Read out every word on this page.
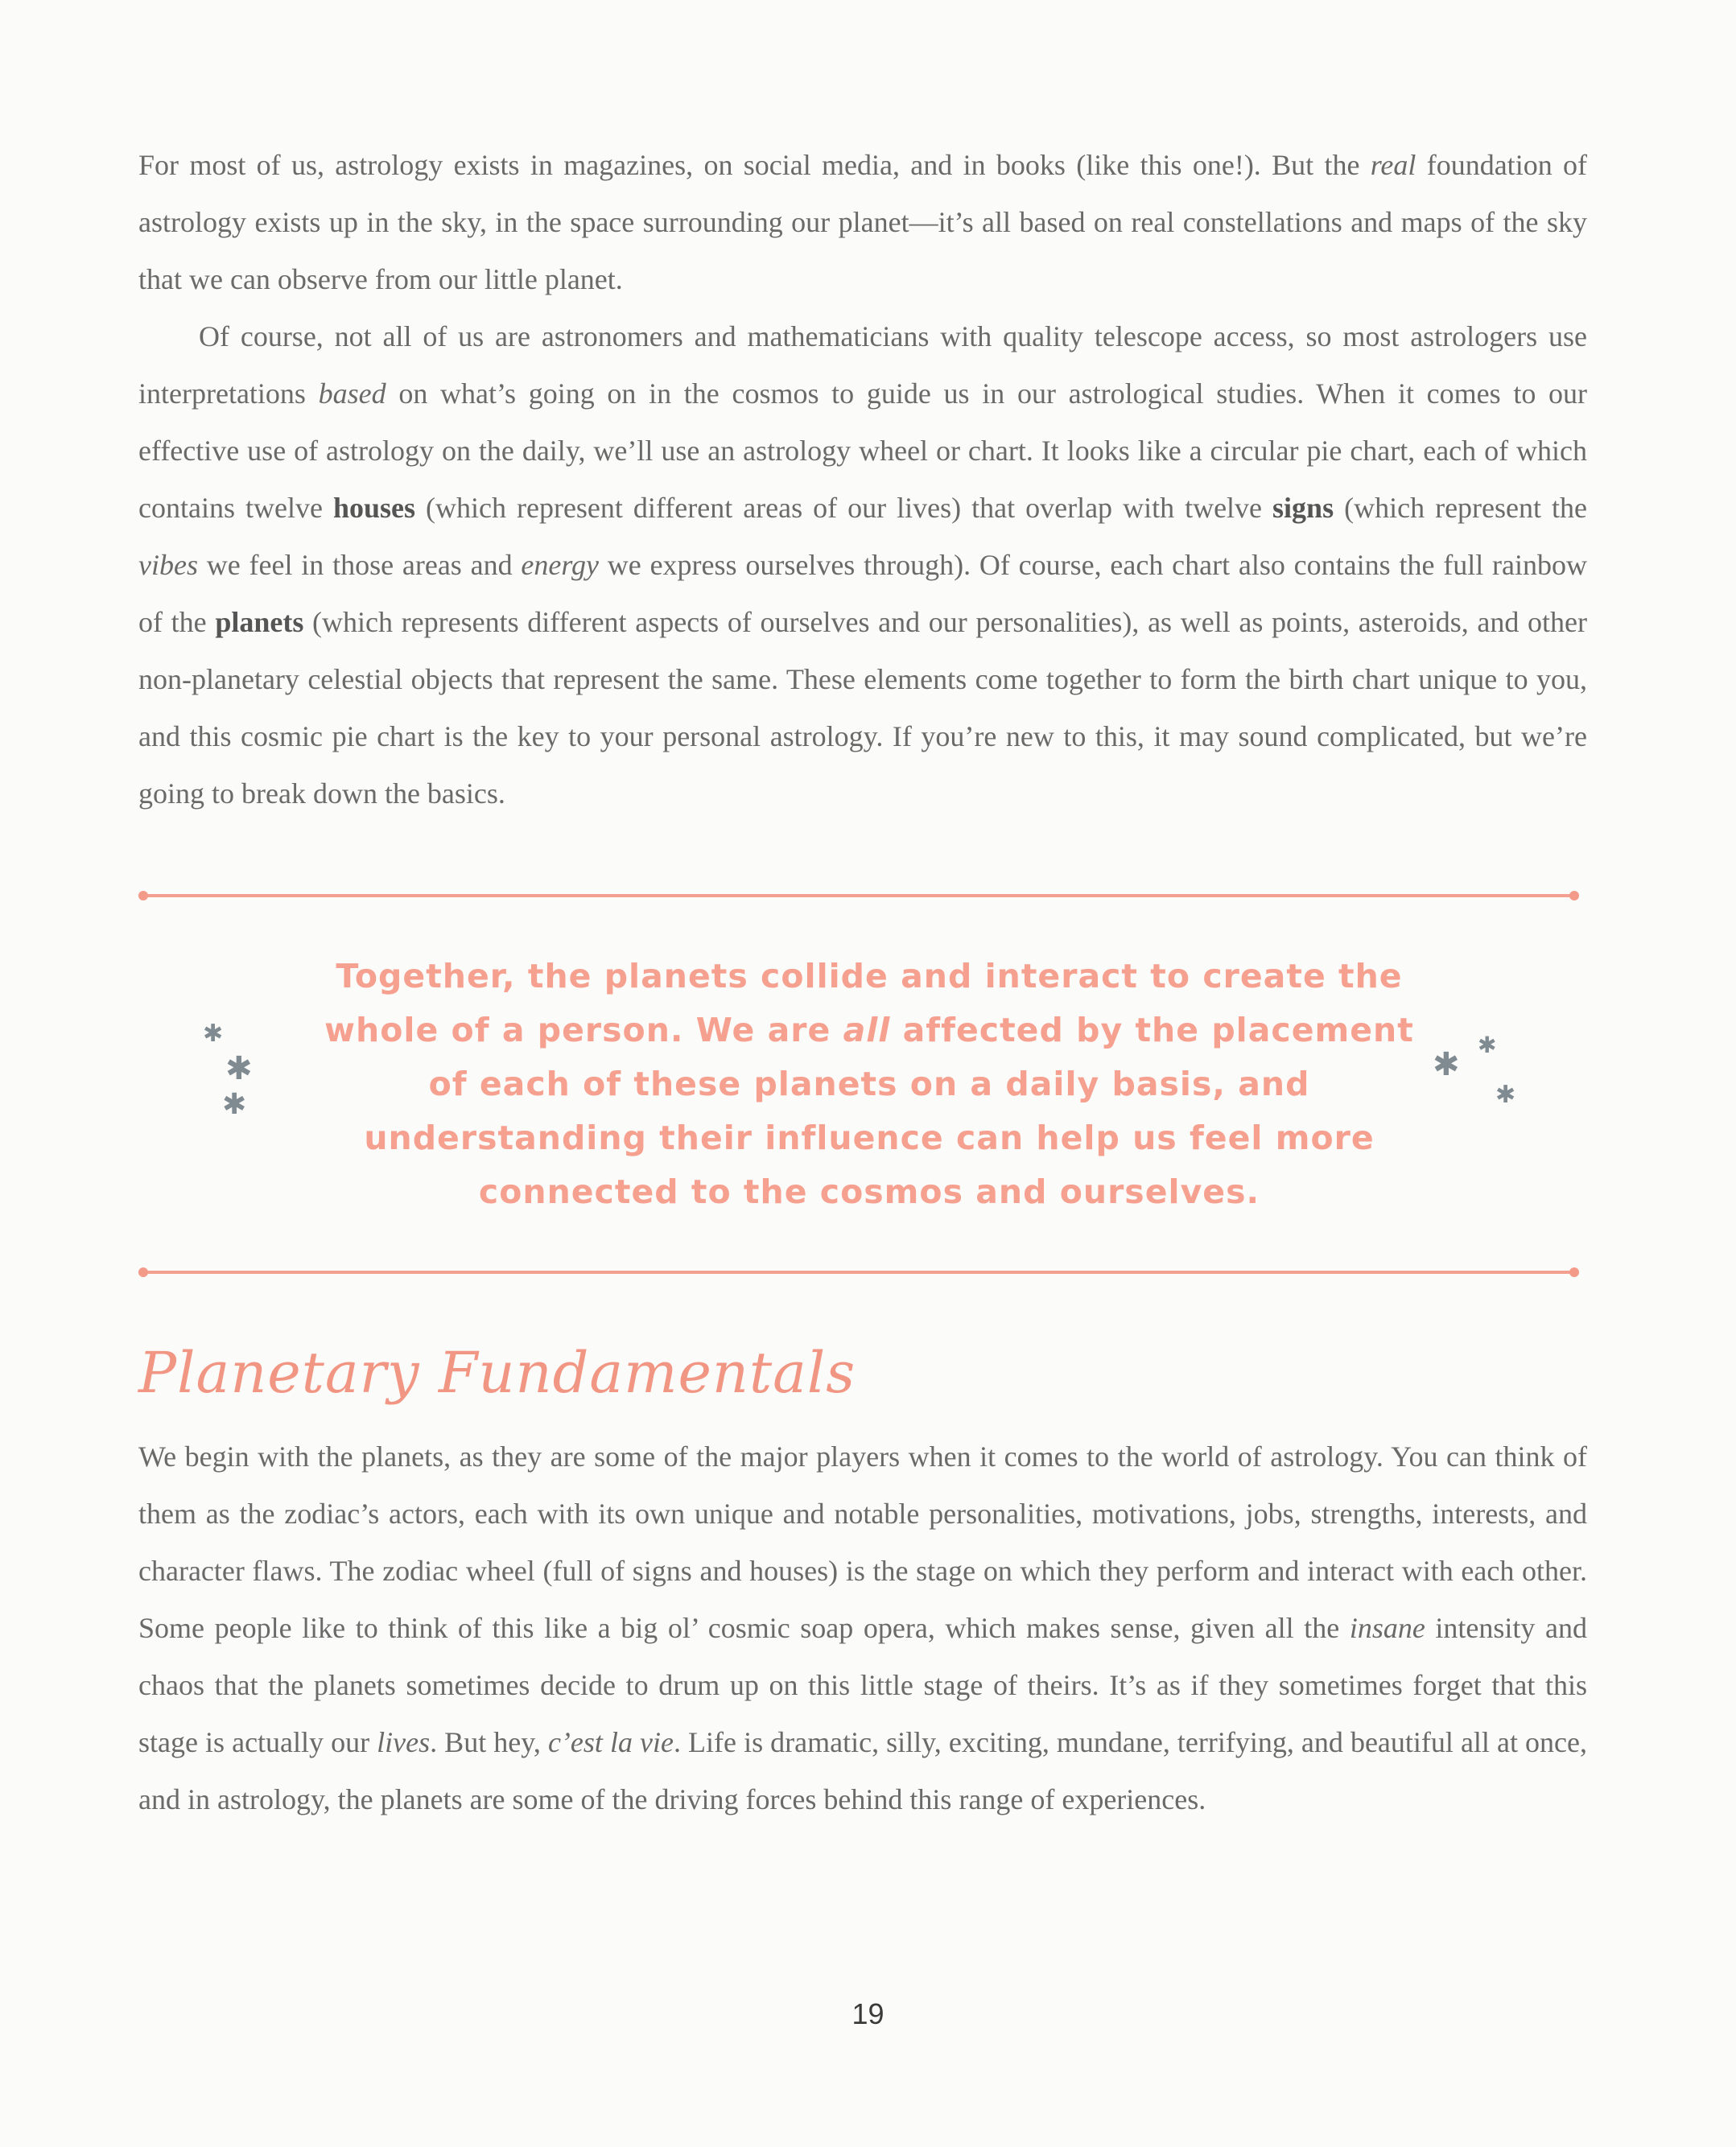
For most of us, astrology exists in magazines, on social media, and in books (like this one!). But the real foundation of astrology exists up in the sky, in the space surrounding our planet—it’s all based on real constellations and maps of the sky that we can observe from our little planet.

Of course, not all of us are astronomers and mathematicians with quality telescope access, so most astrologers use interpretations based on what’s going on in the cosmos to guide us in our astrological studies. When it comes to our effective use of astrology on the daily, we’ll use an astrology wheel or chart. It looks like a circular pie chart, each of which contains twelve houses (which represent different areas of our lives) that overlap with twelve signs (which represent the vibes we feel in those areas and energy we express ourselves through). Of course, each chart also contains the full rainbow of the planets (which represents different aspects of ourselves and our personalities), as well as points, asteroids, and other non-planetary celestial objects that represent the same. These elements come together to form the birth chart unique to you, and this cosmic pie chart is the key to your personal astrology. If you’re new to this, it may sound complicated, but we’re going to break down the basics.

✱
✱
✱

Together, the planets collide and interact to create the whole of a person. We are all affected by the placement of each of these planets on a daily basis, and understanding their influence can help us feel more connected to the cosmos and ourselves.

✱
✱
✱
Planetary Fundamentals

We begin with the planets, as they are some of the major players when it comes to the world of astrology. You can think of them as the zodiac’s actors, each with its own unique and notable personalities, motivations, jobs, strengths, interests, and character flaws. The zodiac wheel (full of signs and houses) is the stage on which they perform and interact with each other. Some people like to think of this like a big ol’ cosmic soap opera, which makes sense, given all the insane intensity and chaos that the planets sometimes decide to drum up on this little stage of theirs. It’s as if they sometimes forget that this stage is actually our lives. But hey, c’est la vie. Life is dramatic, silly, exciting, mundane, terrifying, and beautiful all at once, and in astrology, the planets are some of the driving forces behind this range of experiences.

19
